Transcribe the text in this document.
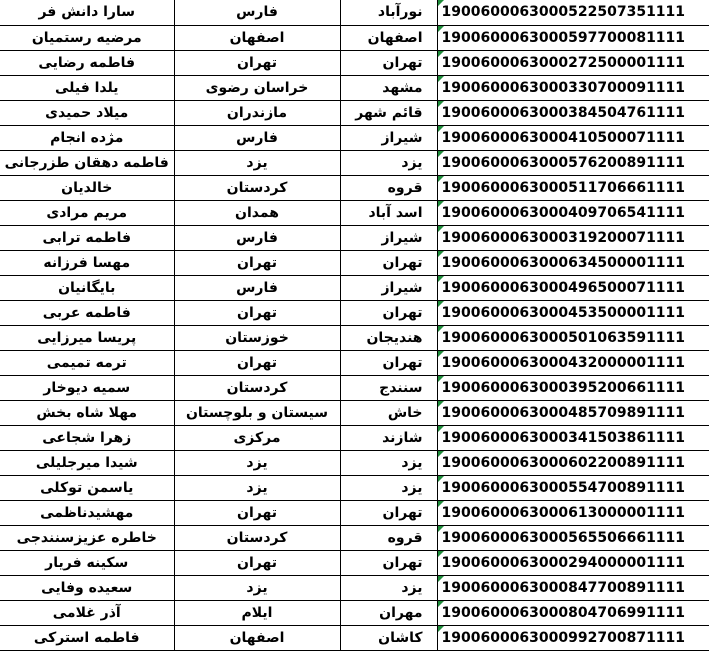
سارا دانش فر	فارس	نورآباد	1900600063000522507351111
مرضیه رستمیان	اصفهان	اصفهان	1900600063000597700081111
فاطمه رضایی	تهران	تهران	1900600063000272500001111
یلدا فیلی	خراسان رضوی	مشهد	1900600063000330700091111
میلاد حمیدی	مازندران	قائم شهر	1900600063000384504761111
مژده انجام	فارس	شیراز	1900600063000410500071111
فاطمه دهقان طزرجانی	یزد	یزد	1900600063000576200891111
خالدیان	کردستان	قروه	1900600063000511706661111
مریم مرادی	همدان	اسد آباد	1900600063000409706541111
فاطمه ترابی	فارس	شیراز	1900600063000319200071111
مهسا فرزانه	تهران	تهران	1900600063000634500001111
بایگانیان	فارس	شیراز	1900600063000496500071111
فاطمه عربی	تهران	تهران	1900600063000453500001111
پریسا میرزایی	خوزستان	هندیجان	1900600063000501063591111
ترمه تمیمی	تهران	تهران	1900600063000432000001111
سمیه دیوخار	کردستان	سنندج	1900600063000395200661111
مهلا شاه بخش	سیستان و بلوچستان	خاش	1900600063000485709891111
زهرا شجاعی	مرکزی	شازند	1900600063000341503861111
شیدا میرجلیلی	یزد	یزد	1900600063000602200891111
یاسمن توکلی	یزد	یزد	1900600063000554700891111
مهشیدناظمی	تهران	تهران	1900600063000613000001111
خاطره عزیزسنندجی	کردستان	قروه	1900600063000565506661111
سکینه فریار	تهران	تهران	1900600063000294000001111
سعیده وفایی	یزد	یزد	1900600063000847700891111
آذر غلامی	ایلام	مهران	1900600063000804706991111
فاطمه استرکی	اصفهان	کاشان	1900600063000992700871111
